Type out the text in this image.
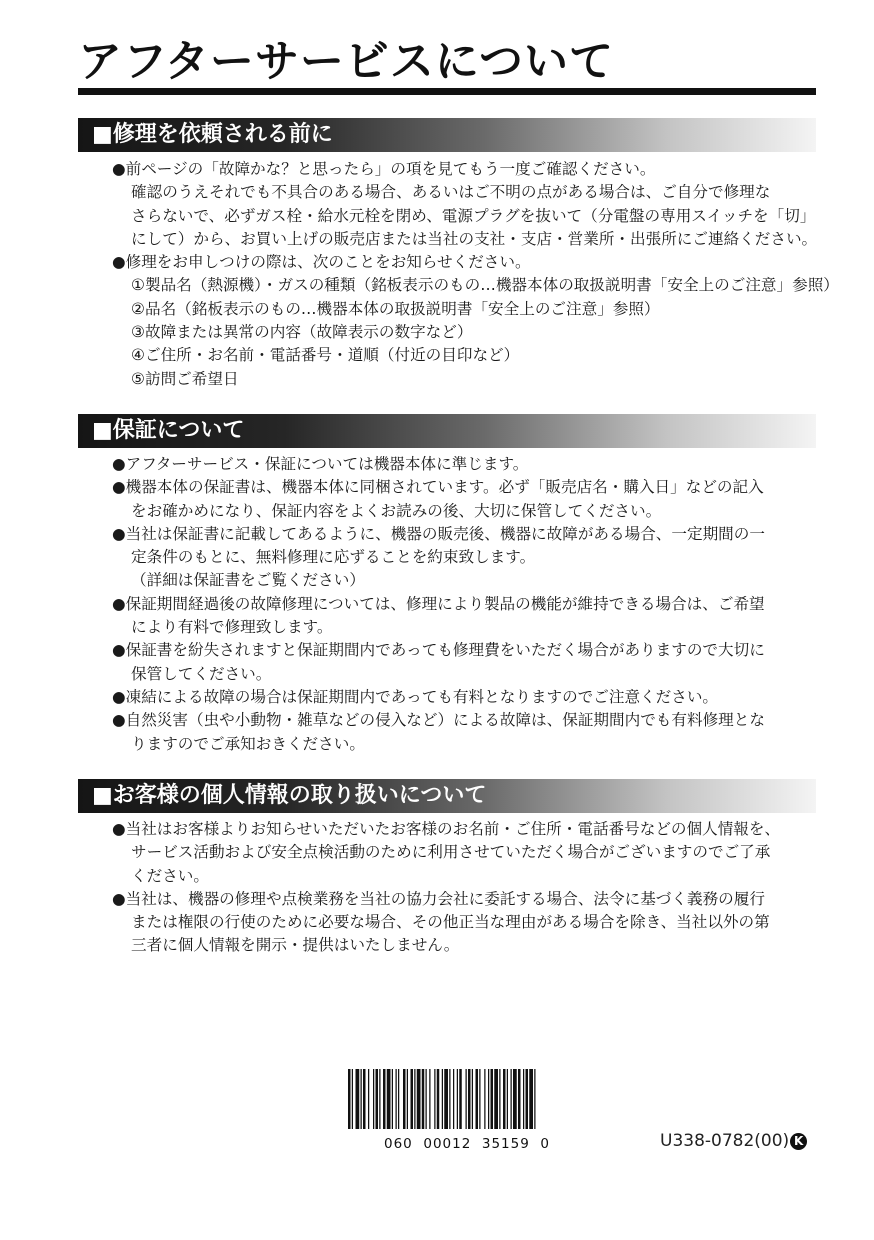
アフターサービスについて
■修理を依頼される前に
●前ページの「故障かな？と思ったら」の項を見てもう一度ご確認ください。
確認のうえそれでも不具合のある場合、あるいはご不明の点がある場合は、ご自分で修理な
さらないで、必ずガス栓・給水元栓を閉め、電源プラグを抜いて（分電盤の専用スイッチを「切」
にして）から、お買い上げの販売店または当社の支社・支店・営業所・出張所にご連絡ください。
●修理をお申しつけの際は、次のことをお知らせください。
①製品名（熱源機）・ガスの種類（銘板表示のもの…機器本体の取扱説明書「安全上のご注意」参照）
②品名（銘板表示のもの…機器本体の取扱説明書「安全上のご注意」参照）
③故障または異常の内容（故障表示の数字など）
④ご住所・お名前・電話番号・道順（付近の目印など）
⑤訪問ご希望日
■保証について
●アフターサービス・保証については機器本体に準じます。
●機器本体の保証書は、機器本体に同梱されています。必ず「販売店名・購入日」などの記入
をお確かめになり、保証内容をよくお読みの後、大切に保管してください。
●当社は保証書に記載してあるように、機器の販売後、機器に故障がある場合、一定期間の一
定条件のもとに、無料修理に応ずることを約束致します。
（詳細は保証書をご覧ください）
●保証期間経過後の故障修理については、修理により製品の機能が維持できる場合は、ご希望
により有料で修理致します。
●保証書を紛失されますと保証期間内であっても修理費をいただく場合がありますので大切に
保管してください。
●凍結による故障の場合は保証期間内であっても有料となりますのでご注意ください。
●自然災害（虫や小動物・雑草などの侵入など）による故障は、保証期間内でも有料修理とな
りますのでご承知おきください。
■お客様の個人情報の取り扱いについて
●当社はお客様よりお知らせいただいたお客様のお名前・ご住所・電話番号などの個人情報を、
サービス活動および安全点検活動のために利用させていただく場合がございますのでご了承
ください。
●当社は、機器の修理や点検業務を当社の協力会社に委託する場合、法令に基づく義務の履行
または権限の行使のために必要な場合、その他正当な理由がある場合を除き、当社以外の第
三者に個人情報を開示・提供はいたしません。
060  00012  35159  0	U338-0782(00) K
